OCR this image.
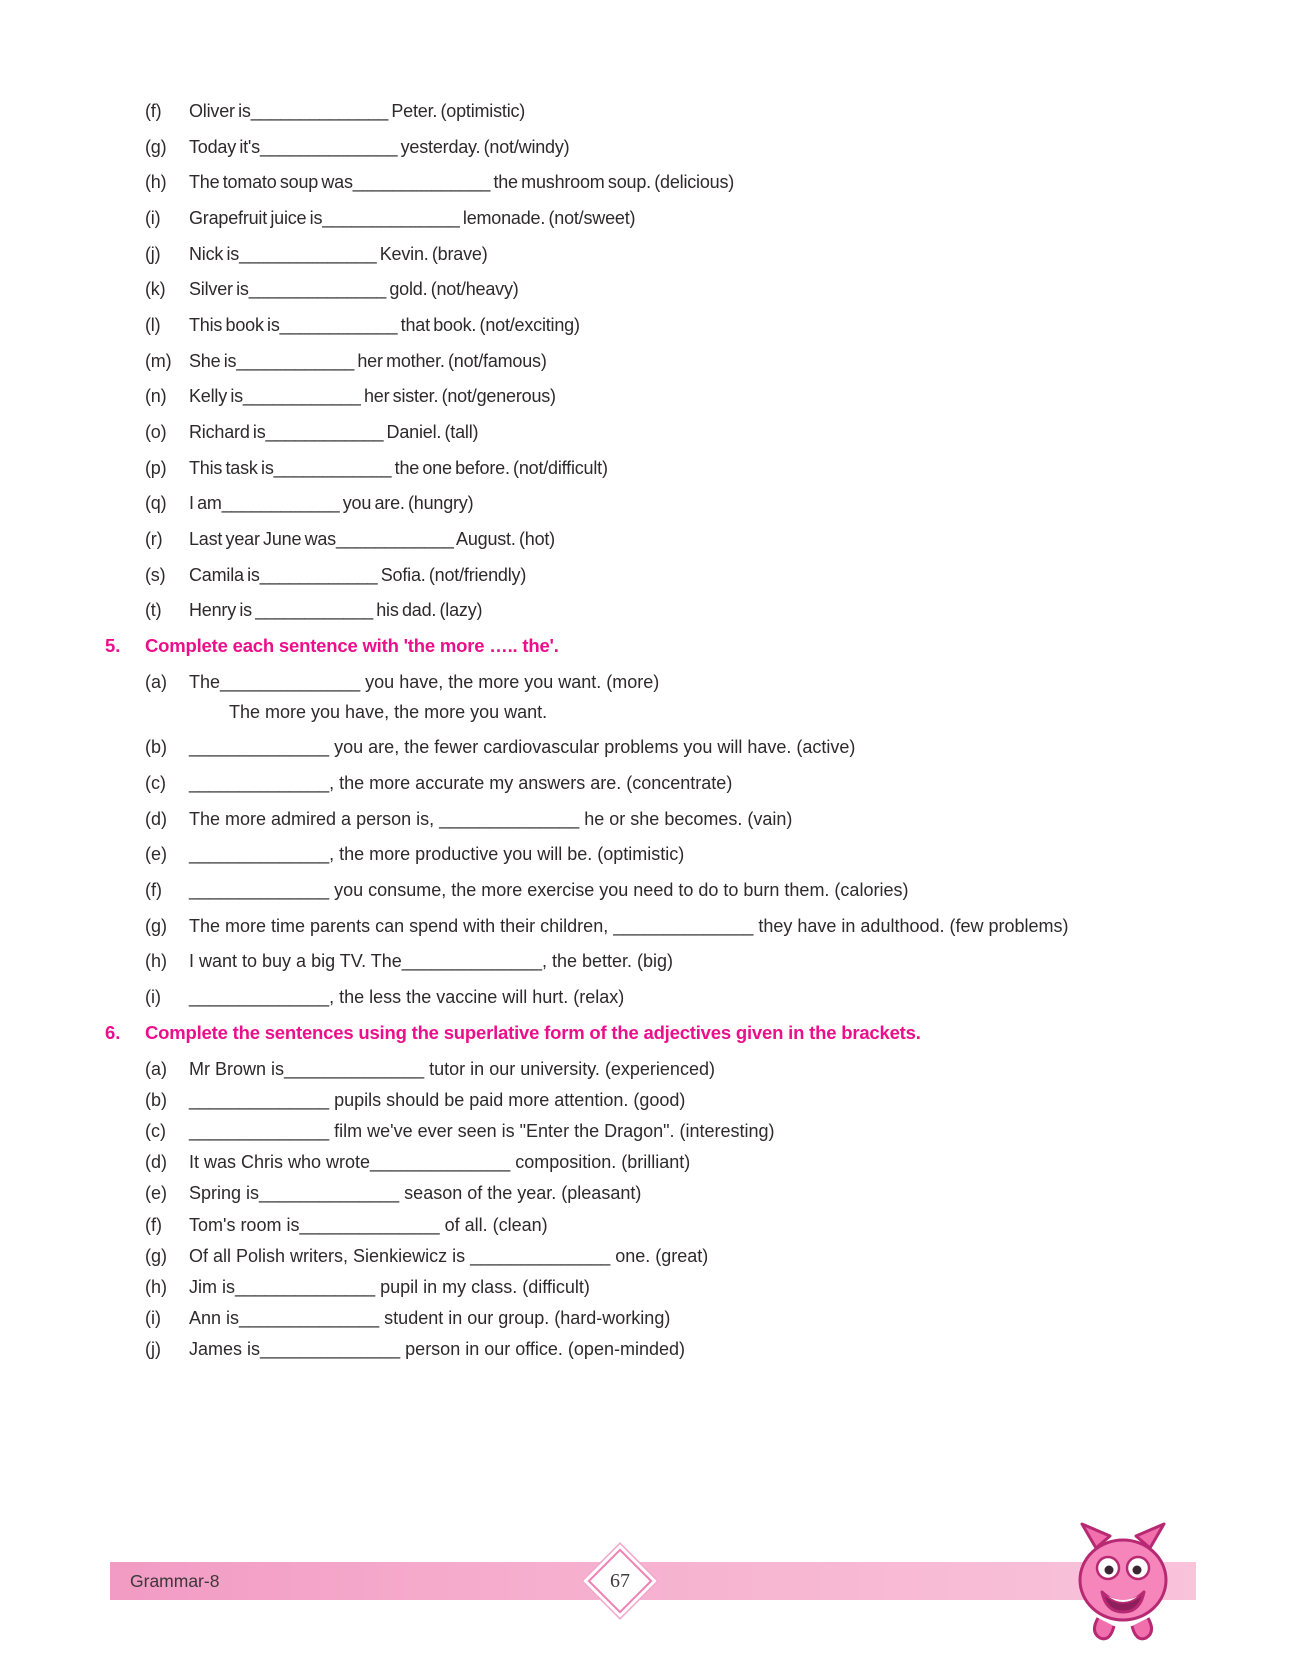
(f)	Oliver is______________ Peter. (optimistic)
(g)	Today it's______________ yesterday. (not/windy)
(h)	The tomato soup was______________ the mushroom soup. (delicious)
(i)	Grapefruit juice is______________ lemonade. (not/sweet)
(j)	Nick is______________ Kevin. (brave)
(k)	Silver is______________ gold. (not/heavy)
(l)	This book is____________ that book. (not/exciting)
(m) She is____________ her mother. (not/famous)
(n)	Kelly is____________ her sister. (not/generous)
(o)	Richard is____________ Daniel. (tall)
(p)	This task is____________ the one before. (not/difficult)
(q)	I am____________ you are. (hungry)
(r)	Last year June was____________ August. (hot)
(s)	Camila is____________ Sofia. (not/friendly)
(t)	Henry is ____________ his dad. (lazy)
5.	Complete each sentence with 'the more ….. the'.
(a)	The______________ you have, the more you want. (more)
The more you have, the more you want.
(b)	______________ you are, the fewer cardiovascular problems you will have. (active)
(c)	______________, the more accurate my answers are. (concentrate)
(d)	The more admired a person is, ______________ he or she becomes. (vain)
(e)	______________, the more productive you will be. (optimistic)
(f)	______________ you consume, the more exercise you need to do to burn them. (calories)
(g)	The more time parents can spend with their children, ______________ they have in adulthood. (few problems)
(h)	I want to buy a big TV. The______________, the better. (big)
(i)	______________, the less the vaccine will hurt. (relax)
6.	Complete the sentences using the superlative form of the adjectives given in the brackets.
(a)	Mr Brown is______________ tutor in our university. (experienced)
(b)	______________ pupils should be paid more attention. (good)
(c)	______________ film we've ever seen is "Enter the Dragon". (interesting)
(d)	It was Chris who wrote______________ composition. (brilliant)
(e)	Spring is______________ season of the year. (pleasant)
(f)	Tom's room is______________ of all. (clean)
(g)	Of all Polish writers, Sienkiewicz is ______________ one. (great)
(h)	Jim is______________ pupil in my class. (difficult)
(i)	Ann is______________ student in our group. (hard-working)
(j)	James is______________ person in our office. (open-minded)
Grammar-8	67
